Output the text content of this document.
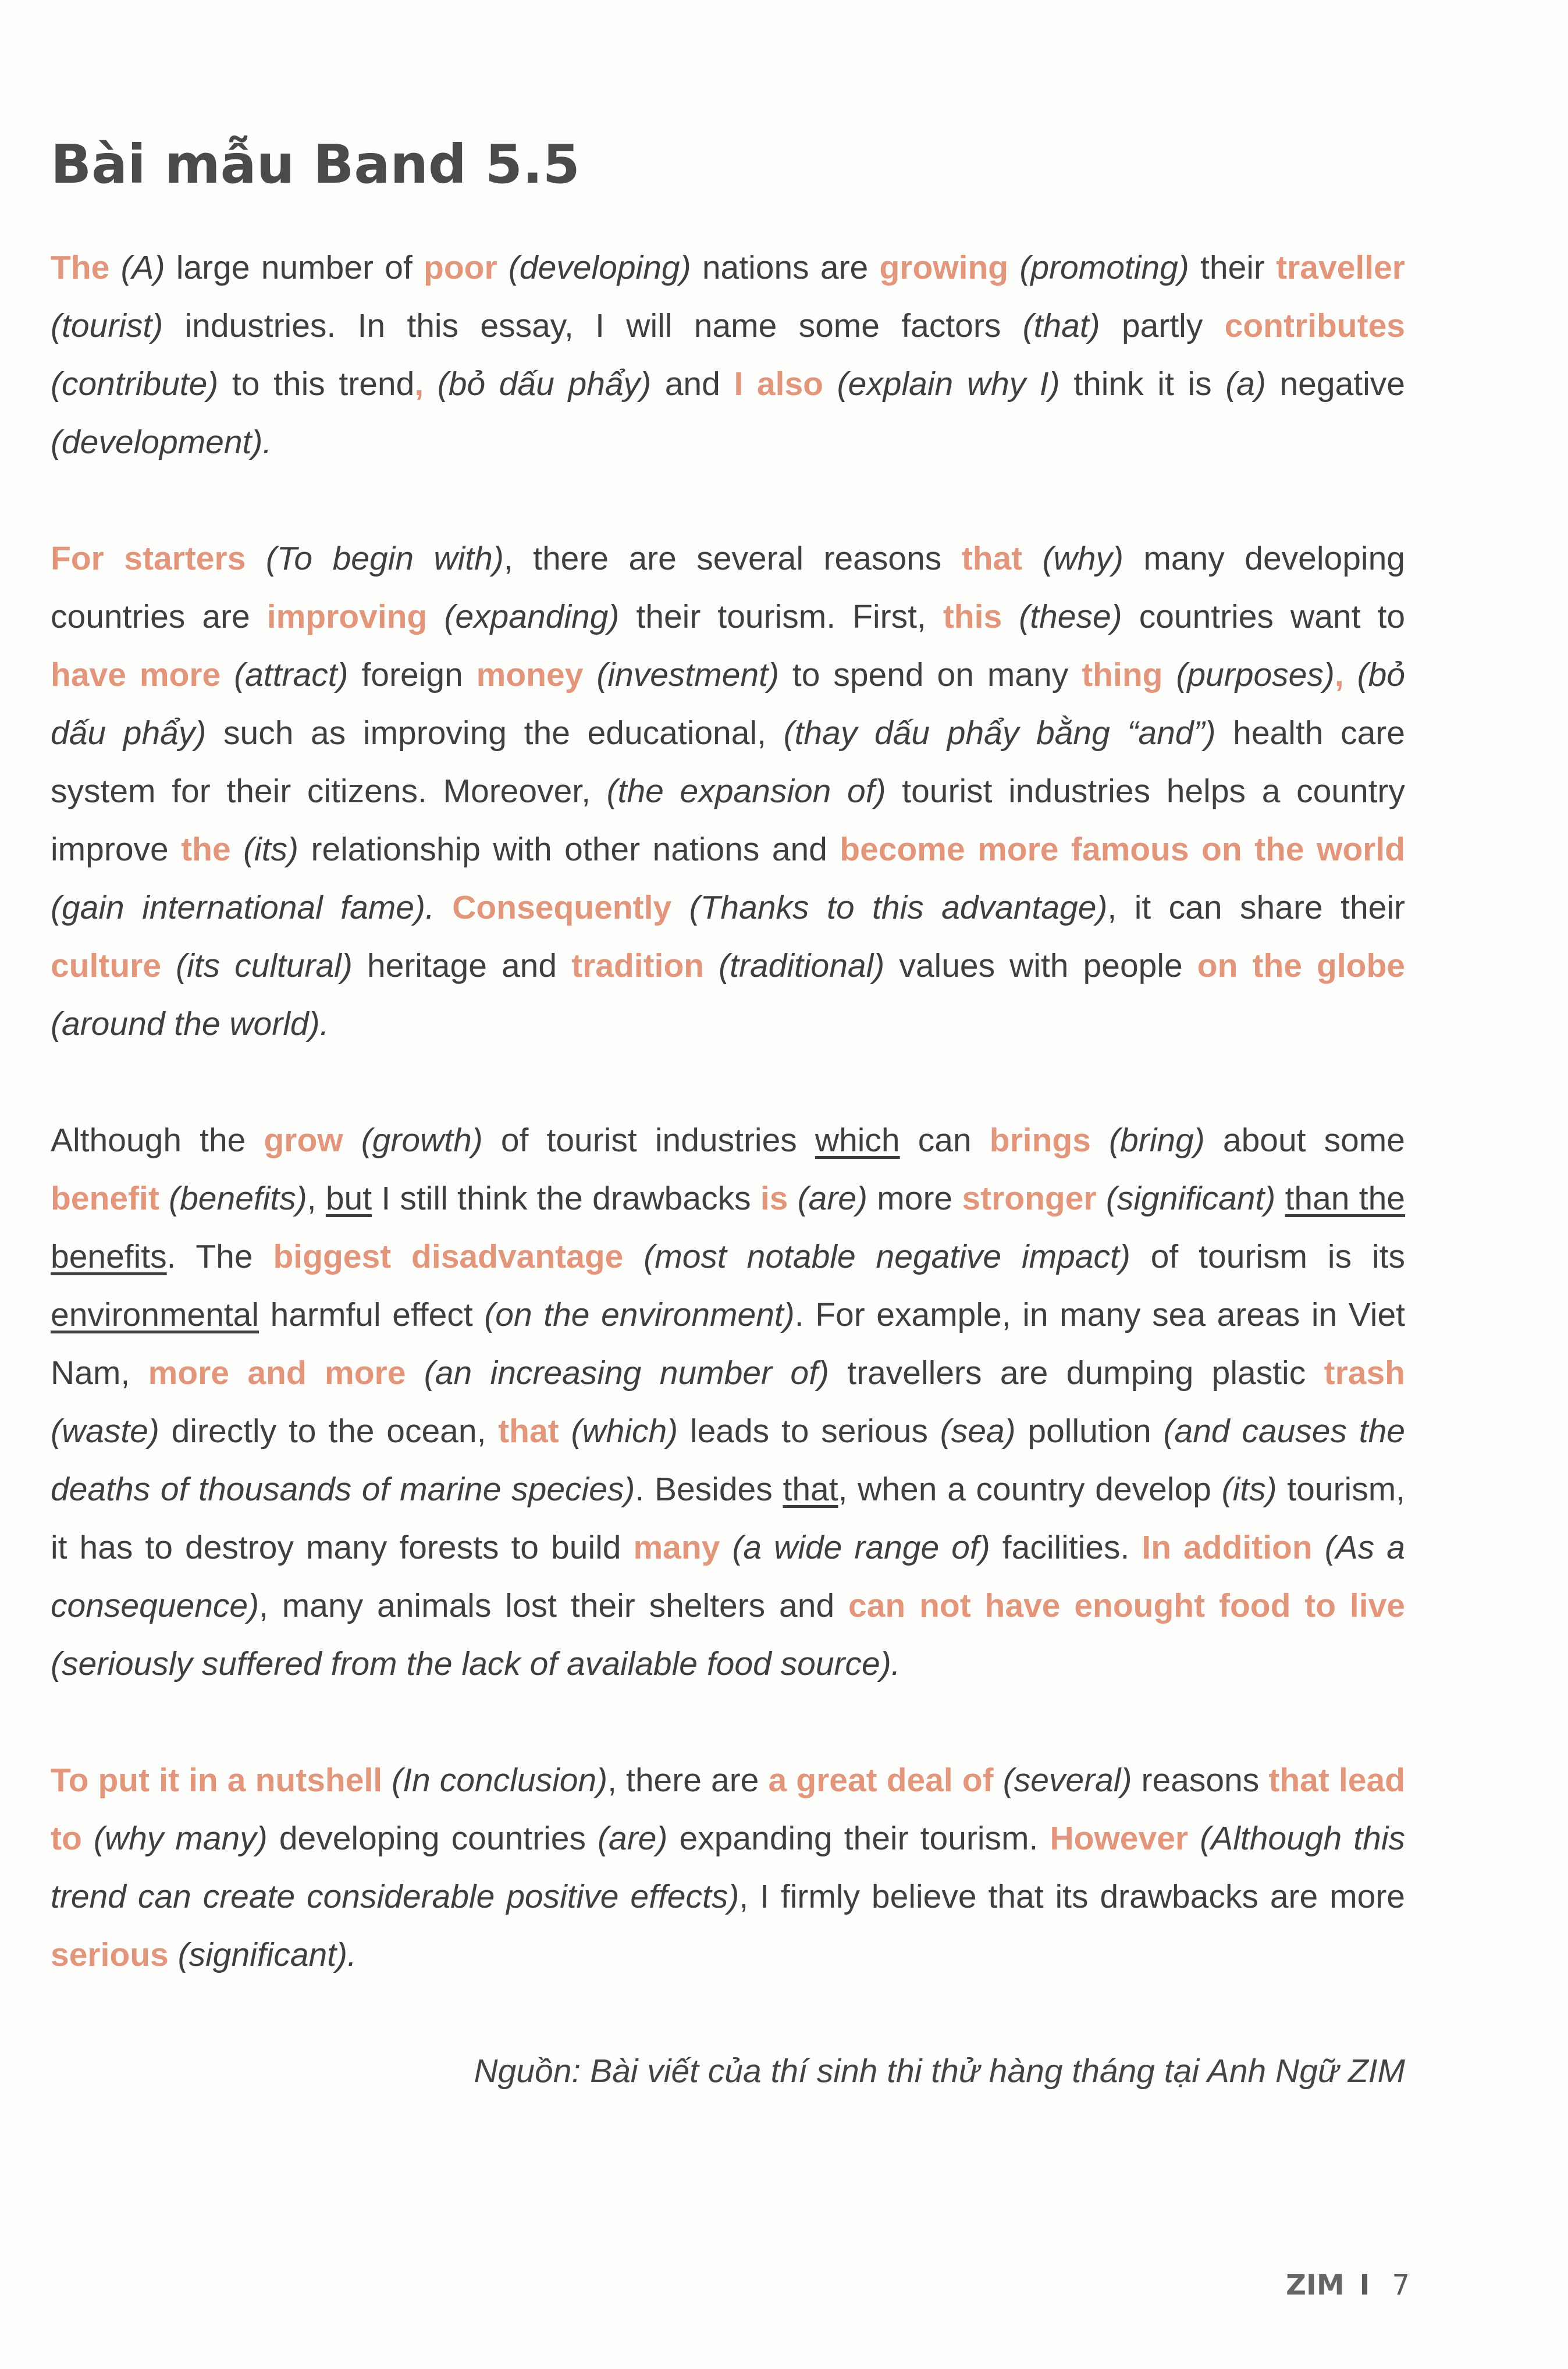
Bài mẫu Band 5.5

The (A) large number of poor (developing) nations are growing (promoting) their traveller (tourist) industries. In this essay, I will name some factors (that) partly contributes (contribute) to this trend, (bỏ dấu phẩy) and I also (explain why I) think it is (a) negative (development).

For starters (To begin with), there are several reasons that (why) many developing countries are improving (expanding) their tourism. First, this (these) countries want to have more (attract) foreign money (investment) to spend on many thing (purposes), (bỏ dấu phẩy) such as improving the educational, (thay dấu phẩy bằng “and”) health care system for their citizens. Moreover, (the expansion of) tourist industries helps a country improve the (its) relationship with other nations and become more famous on the world (gain international fame). Consequently (Thanks to this advantage), it can share their culture (its cultural) heritage and tradition (traditional) values with people on the globe (around the world).

Although the grow (growth) of tourist industries which can brings (bring) about some benefit (benefits), but I still think the drawbacks is (are) more stronger (significant) than the benefits. The biggest disadvantage (most notable negative impact) of tourism is its environmental harmful effect (on the environment). For example, in many sea areas in Viet Nam, more and more (an increasing number of) travellers are dumping plastic trash (waste) directly to the ocean, that (which) leads to serious (sea) pollution (and causes the deaths of thousands of marine species). Besides that, when a country develop (its) tourism, it has to destroy many forests to build many (a wide range of) facilities. In addition (As a consequence), many animals lost their shelters and can not have enought food to live (seriously suffered from the lack of available food source).

To put it in a nutshell (In conclusion), there are a great deal of (several) reasons that lead to (why many) developing countries (are) expanding their tourism. However (Although this trend can create considerable positive effects), I firmly believe that its drawbacks are more serious (significant).

Nguồn: Bài viết của thí sinh thi thử hàng tháng tại Anh Ngữ ZIM

ZIM I 7
